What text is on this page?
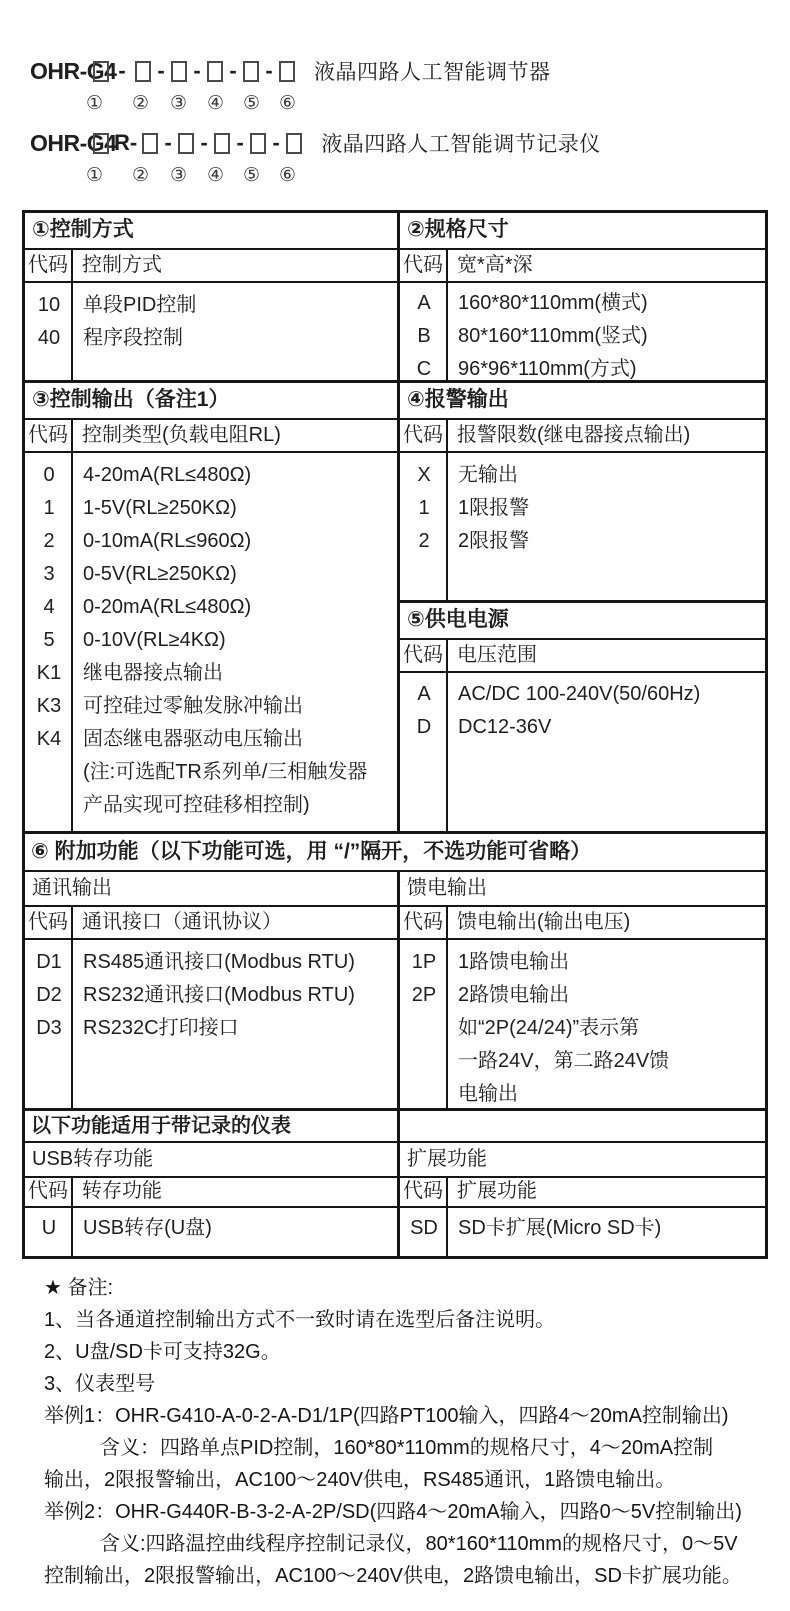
OHR-G4 - - - - - 液晶四路人工智能调节器
① ② ③ ④ ⑤ ⑥
OHR-G4
R- - - - - 液晶四路人工智能调节记录仪
① ② ③ ④ ⑤ ⑥
①控制方式
代码 控制方式
10	单段PID控制
40	程序段控制
③控制输出（备注1）
代码 控制类型(负载电阻RL)
0	4-20mA(RL≤480Ω)
1	1-5V(RL≥250KΩ)
2	0-10mA(RL≤960Ω)
3	0-5V(RL≥250KΩ)
4	0-20mA(RL≤480Ω)
5	0-10V(RL≥4KΩ)
K1	继电器接点输出
K3	可控硅过零触发脉冲输出
K4	固态继电器驱动电压输出
(注:可选配TR系列单/三相触发器
产品实现可控硅移相控制)
②规格尺寸
代码 宽*高*深
A	160*80*110mm(横式)
B	80*160*110mm(竖式)
C	96*96*110mm(方式)
④报警输出
代码 报警限数(继电器接点输出)
X	无输出
1	1限报警
2	2限报警
⑤供电电源
代码 电压范围
A	AC/DC 100-240V(50/60Hz)
D	DC12-36V
⑥ 附加功能（以下功能可选，用 “/”隔开，不选功能可省略）
通讯输出
代码 通讯接口（通讯协议）
D1	RS485通讯接口(Modbus RTU)
D2	RS232通讯接口(Modbus RTU)
D3	RS232C打印接口
馈电输出
代码 馈电输出(输出电压)
1P	1路馈电输出
2P	2路馈电输出
如“2P(24/24)”表示第
一路24V，第二路24V馈
电输出
以下功能适用于带记录的仪表
USB转存功能	扩展功能
代码 转存功能	代码 扩展功能
U	USB转存(U盘)	SD	SD卡扩展(Micro SD卡)
★ 备注:
1、当各通道控制输出方式不一致时请在选型后备注说明。
2、U盘/SD卡可支持32G。
3、仪表型号
举例1：OHR-G410-A-0-2-A-D1/1P(四路PT100输入，四路4～20mA控制输出)
含义：四路单点PID控制，160*80*110mm的规格尺寸，4～20mA控制
输出，2限报警输出，AC100～240V供电，RS485通讯，1路馈电输出。
举例2：OHR-G440R-B-3-2-A-2P/SD(四路4～20mA输入，四路0～5V控制输出)
含义:四路温控曲线程序控制记录仪，80*160*110mm的规格尺寸，0～5V
控制输出，2限报警输出，AC100～240V供电，2路馈电输出，SD卡扩展功能。
